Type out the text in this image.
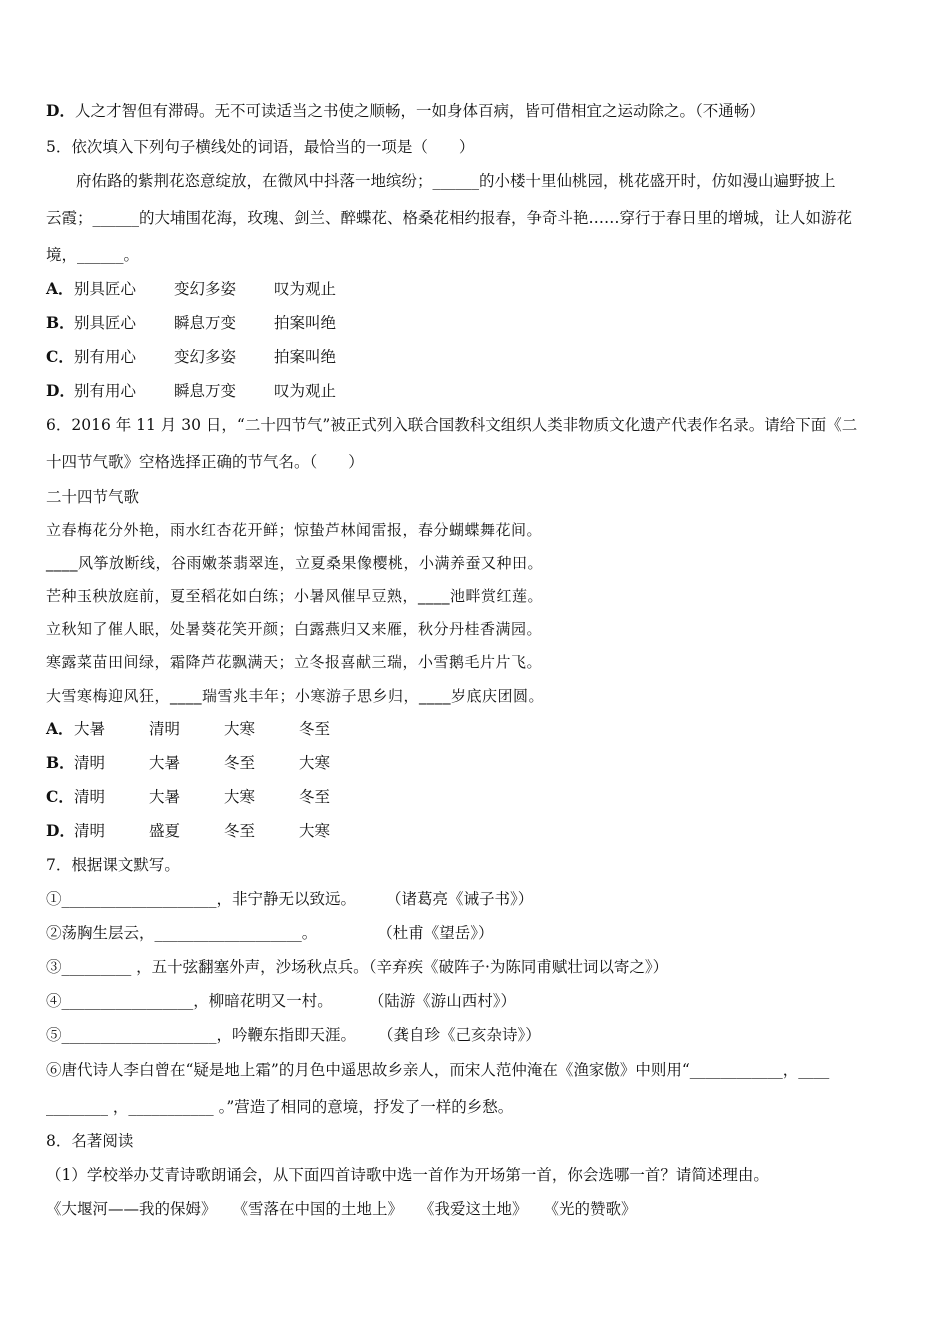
D．人之才智但有滞碍。无不可读适当之书使之顺畅，一如身体百病，皆可借相宜之运动除之。（不通畅）
5．依次填入下列句子横线处的词语，最恰当的一项是（　　）
府佑路的紫荆花恣意绽放，在微风中抖落一地缤纷；______的小楼十里仙桃园，桃花盛开时，仿如漫山遍野披上
云霞；______的大埔围花海，玫瑰、剑兰、醉蝶花、格桑花相约报春，争奇斗艳……穿行于春日里的增城，让人如游花
境，______。
A．别具匠心 变幻多姿 叹为观止
B．别具匠心 瞬息万变 拍案叫绝
C．别有用心 变幻多姿 拍案叫绝
D．别有用心 瞬息万变 叹为观止
6．2016 年 11 月 30 日，“二十四节气”被正式列入联合国教科文组织人类非物质文化遗产代表作名录。请给下面《二
十四节气歌》空格选择正确的节气名。（　　）
二十四节气歌
立春梅花分外艳，雨水红杏花开鲜；惊蛰芦林闻雷报，春分蝴蝶舞花间。
____风筝放断线，谷雨嫩茶翡翠连，立夏桑果像樱桃，小满养蚕又种田。
芒种玉秧放庭前，夏至稻花如白练；小暑风催早豆熟，____池畔赏红莲。
立秋知了催人眠，处暑葵花笑开颜；白露燕归又来雁，秋分丹桂香满园。
寒露菜苗田间绿，霜降芦花飘满天；立冬报喜献三瑞，小雪鹅毛片片飞。
大雪寒梅迎风狂，____瑞雪兆丰年；小寒游子思乡归，____岁底庆团圆。
A．大暑	清明	大寒	冬至
B．清明	大暑	冬至	大寒
C．清明	大暑	大寒	冬至
D．清明	盛夏	冬至	大寒
7．根据课文默写。
①____________________，非宁静无以致远。 （诸葛亮《诫子书》）
②荡胸生层云，___________________。	（杜甫《望岳》）
③_________ ，五十弦翻塞外声，沙场秋点兵。（辛弃疾《破阵子·为陈同甫赋壮词以寄之》）
④_________________，柳暗花明又一村。 （陆游《游山西村》）
⑤____________________，吟鞭东指即天涯。 （龚自珍《己亥杂诗》）
⑥唐代诗人李白曾在“疑是地上霜”的月色中遥思故乡亲人，而宋人范仲淹在《渔家傲》中则用“____________，____
________ ，___________ 。”营造了相同的意境，抒发了一样的乡愁。
8．名著阅读
（1）学校举办艾青诗歌朗诵会，从下面四首诗歌中选一首作为开场第一首，你会选哪一首？请简述理由。
《大堰河——我的保姆》 《雪落在中国的土地上》 《我爱这土地》 《光的赞歌》
